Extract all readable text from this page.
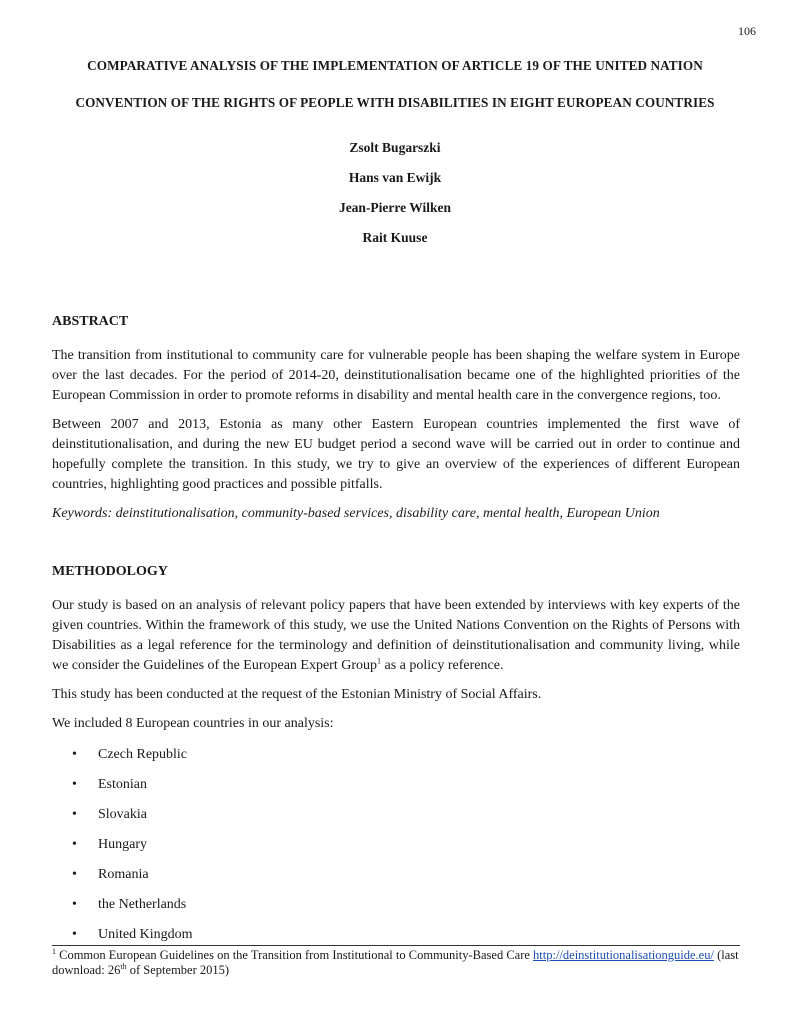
106
COMPARATIVE ANALYSIS OF THE IMPLEMENTATION OF ARTICLE 19 OF THE UNITED NATION
CONVENTION OF THE RIGHTS OF PEOPLE WITH DISABILITIES IN EIGHT EUROPEAN COUNTRIES
Zsolt Bugarszki
Hans van Ewijk
Jean-Pierre Wilken
Rait Kuuse
ABSTRACT

The transition from institutional to community care for vulnerable people has been shaping the welfare system in Europe over the last decades. For the period of 2014-20, deinstitutionalisation became one of the highlighted priorities of the European Commission in order to promote reforms in disability and mental health care in the convergence regions, too.

Between 2007 and 2013, Estonia as many other Eastern European countries implemented the first wave of deinstitutionalisation, and during the new EU budget period a second wave will be carried out in order to continue and hopefully complete the transition. In this study, we try to give an overview of the experiences of different European countries, highlighting good practices and possible pitfalls.

Keywords: deinstitutionalisation, community-based services, disability care, mental health, European Union

METHODOLOGY

Our study is based on an analysis of relevant policy papers that have been extended by interviews with key experts of the given countries. Within the framework of this study, we use the United Nations Convention on the Rights of Persons with Disabilities as a legal reference for the terminology and definition of deinstitutionalisation and community living, while we consider the Guidelines of the European Expert Group$^1$ as a policy reference.

This study has been conducted at the request of the Estonian Ministry of Social Affairs.

We included 8 European countries in our analysis:

• Czech Republic
• Estonian
• Slovakia
• Hungary
• Romania
• the Netherlands
• United Kingdom
$^1$ Common European Guidelines on the Transition from Institutional to Community-Based Care http://deinstitutionalisationguide.eu/ (last download: 26th of September 2015)
